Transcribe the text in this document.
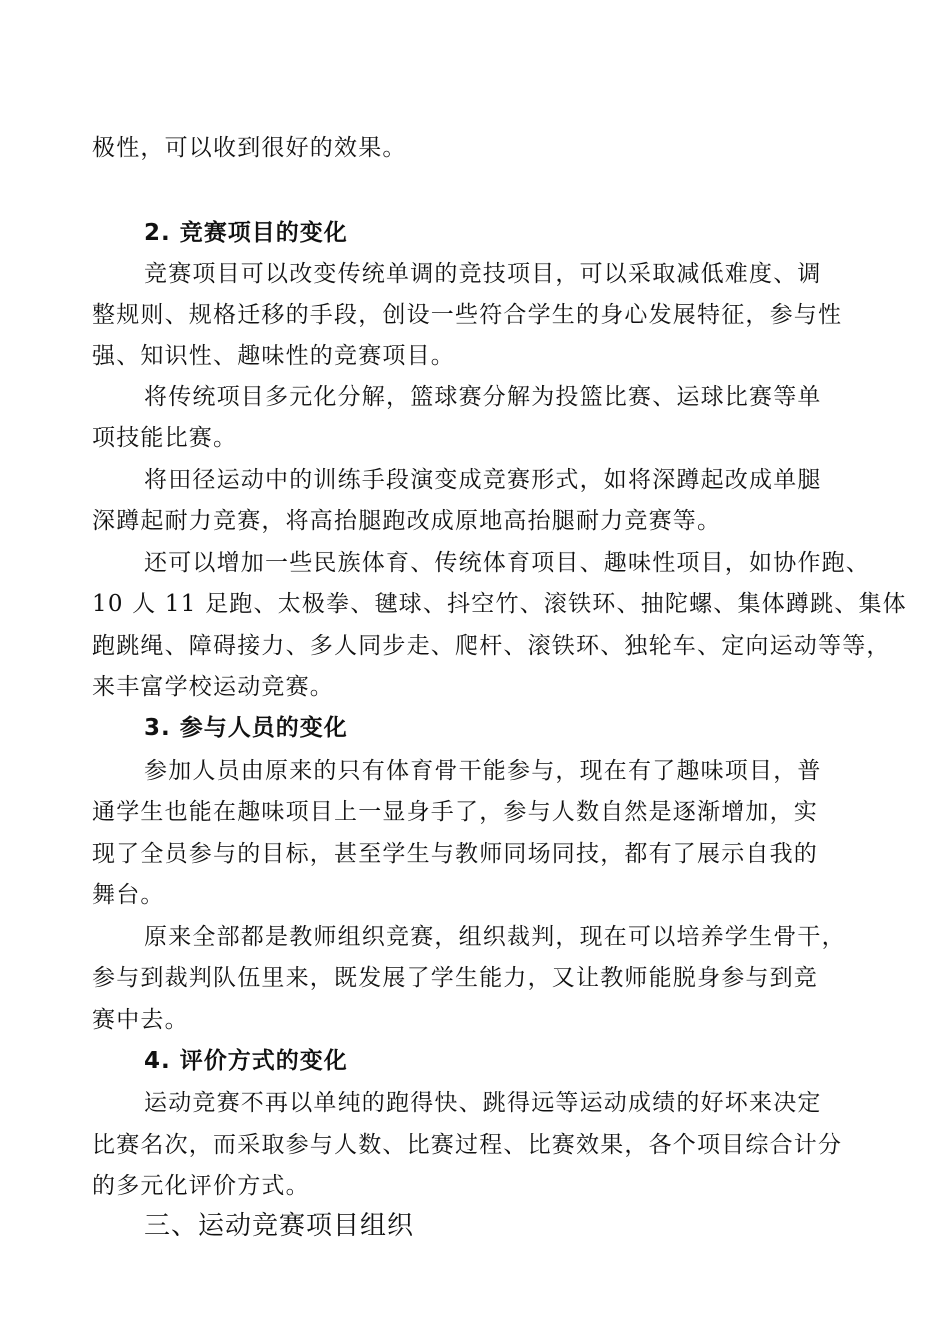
极性，可以收到很好的效果。
2. 竞赛项目的变化
竞赛项目可以改变传统单调的竞技项目，可以采取减低难度、调
整规则、规格迁移的手段，创设一些符合学生的身心发展特征，参与性
强、知识性、趣味性的竞赛项目。
将传统项目多元化分解，篮球赛分解为投篮比赛、运球比赛等单
项技能比赛。
将田径运动中的训练手段演变成竞赛形式，如将深蹲起改成单腿
深蹲起耐力竞赛，将高抬腿跑改成原地高抬腿耐力竞赛等。
还可以增加一些民族体育、传统体育项目、趣味性项目，如协作跑、
10 人 11 足跑、太极拳、毽球、抖空竹、滚铁环、抽陀螺、集体蹲跳、集体
跑跳绳、障碍接力、多人同步走、爬杆、滚铁环、独轮车、定向运动等等，
来丰富学校运动竞赛。
3. 参与人员的变化
参加人员由原来的只有体育骨干能参与，现在有了趣味项目，普
通学生也能在趣味项目上一显身手了，参与人数自然是逐渐增加，实
现了全员参与的目标，甚至学生与教师同场同技，都有了展示自我的
舞台。
原来全部都是教师组织竞赛，组织裁判，现在可以培养学生骨干，
参与到裁判队伍里来，既发展了学生能力，又让教师能脱身参与到竞
赛中去。
4. 评价方式的变化
运动竞赛不再以单纯的跑得快、跳得远等运动成绩的好坏来决定
比赛名次，而采取参与人数、比赛过程、比赛效果，各个项目综合计分
的多元化评价方式。
三、运动竞赛项目组织
